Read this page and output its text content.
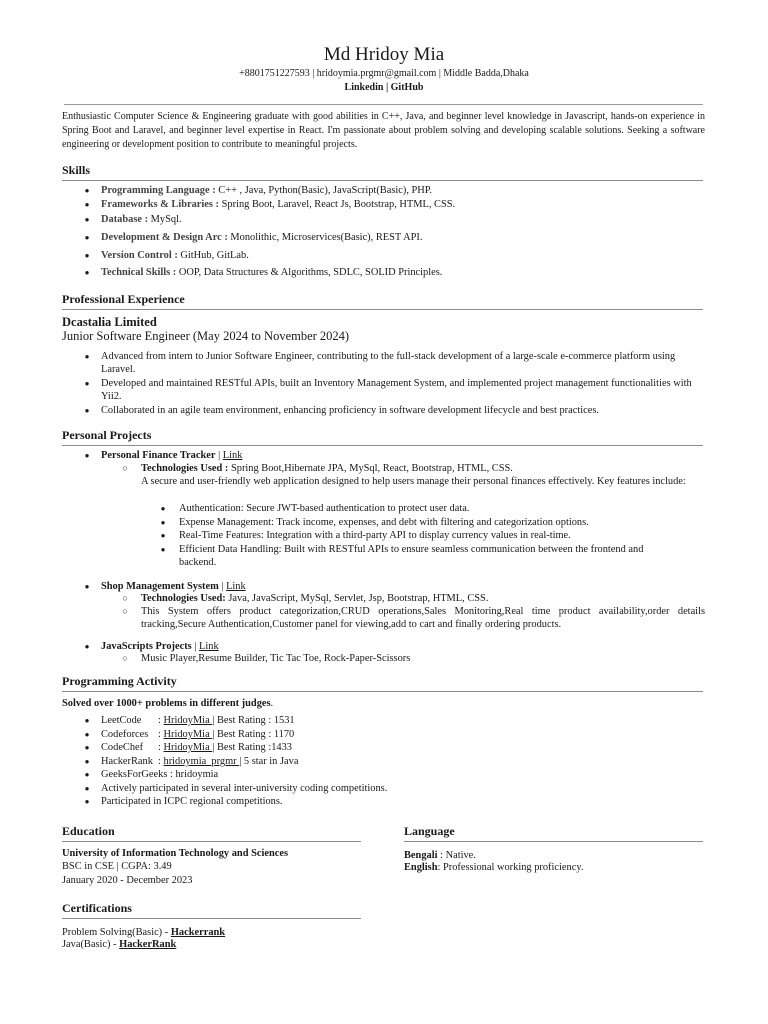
Md Hridoy Mia
+8801751227593 | hridoymia.prgmr@gmail.com | Middle Badda,Dhaka
Linkedin | GitHub
Enthusiastic Computer Science & Engineering graduate with good abilities in C++, Java, and beginner level knowledge in Javascript, hands-on experience in Spring Boot and Laravel, and beginner level expertise in React. I'm passionate about problem solving and developing scalable solutions. Seeking a software engineering or development position to contribute to meaningful projects.
Skills
● Programming Language : C++ , Java, Python(Basic), JavaScript(Basic), PHP.
● Frameworks & Libraries : Spring Boot, Laravel, React Js, Bootstrap, HTML, CSS.
● Database : MySql.
● Development & Design Arc : Monolithic, Microservices(Basic), REST API.
● Version Control : GitHub, GitLab.
● Technical Skills : OOP, Data Structures & Algorithms, SDLC, SOLID Principles.
Professional Experience
Dcastalia Limited
Junior Software Engineer (May 2024 to November 2024)
● Advanced from intern to Junior Software Engineer, contributing to the full-stack development of a large-scale e-commerce platform using Laravel.
● Developed and maintained RESTful APIs, built an Inventory Management System, and implemented project management functionalities with Yii2.
● Collaborated in an agile team environment, enhancing proficiency in software development lifecycle and best practices.
Personal Projects
● Personal Finance Tracker | Link
○ Technologies Used : Spring Boot,Hibernate JPA, MySql, React, Bootstrap, HTML, CSS.
A secure and user-friendly web application designed to help users manage their personal finances effectively. Key features include:
● Authentication: Secure JWT-based authentication to protect user data.
● Expense Management: Track income, expenses, and debt with filtering and categorization options.
● Real-Time Features: Integration with a third-party API to display currency values in real-time.
● Efficient Data Handling: Built with RESTful APIs to ensure seamless communication between the frontend and backend.
● Shop Management System | Link
○ Technologies Used: Java, JavaScript, MySql, Servlet, Jsp, Bootstrap, HTML, CSS.
○ This System offers product categorization,CRUD operations,Sales Monitoring,Real time product availability,order details tracking,Secure Authentication,Customer panel for viewing,add to cart and finally ordering products.
● JavaScripts Projects | Link
○ Music Player,Resume Builder, Tic Tac Toe, Rock-Paper-Scissors
Programming Activity
Solved over 1000+ problems in different judges.
● LeetCode : HridoyMia | Best Rating : 1531
● Codeforces : HridoyMia | Best Rating : 1170
● CodeChef : HridoyMia | Best Rating :1433
● HackerRank : hridoymia_prgmr | 5 star in Java
● GeeksForGeeks : hridoymia
● Actively participated in several inter-university coding competitions.
● Participated in ICPC regional competitions.
Education
University of Information Technology and Sciences
BSC in CSE | CGPA: 3.49
January 2020 - December 2023
Language
Bengali : Native.
English: Professional working proficiency.
Certifications
Problem Solving(Basic) - Hackerrank
Java(Basic) - HackerRank
